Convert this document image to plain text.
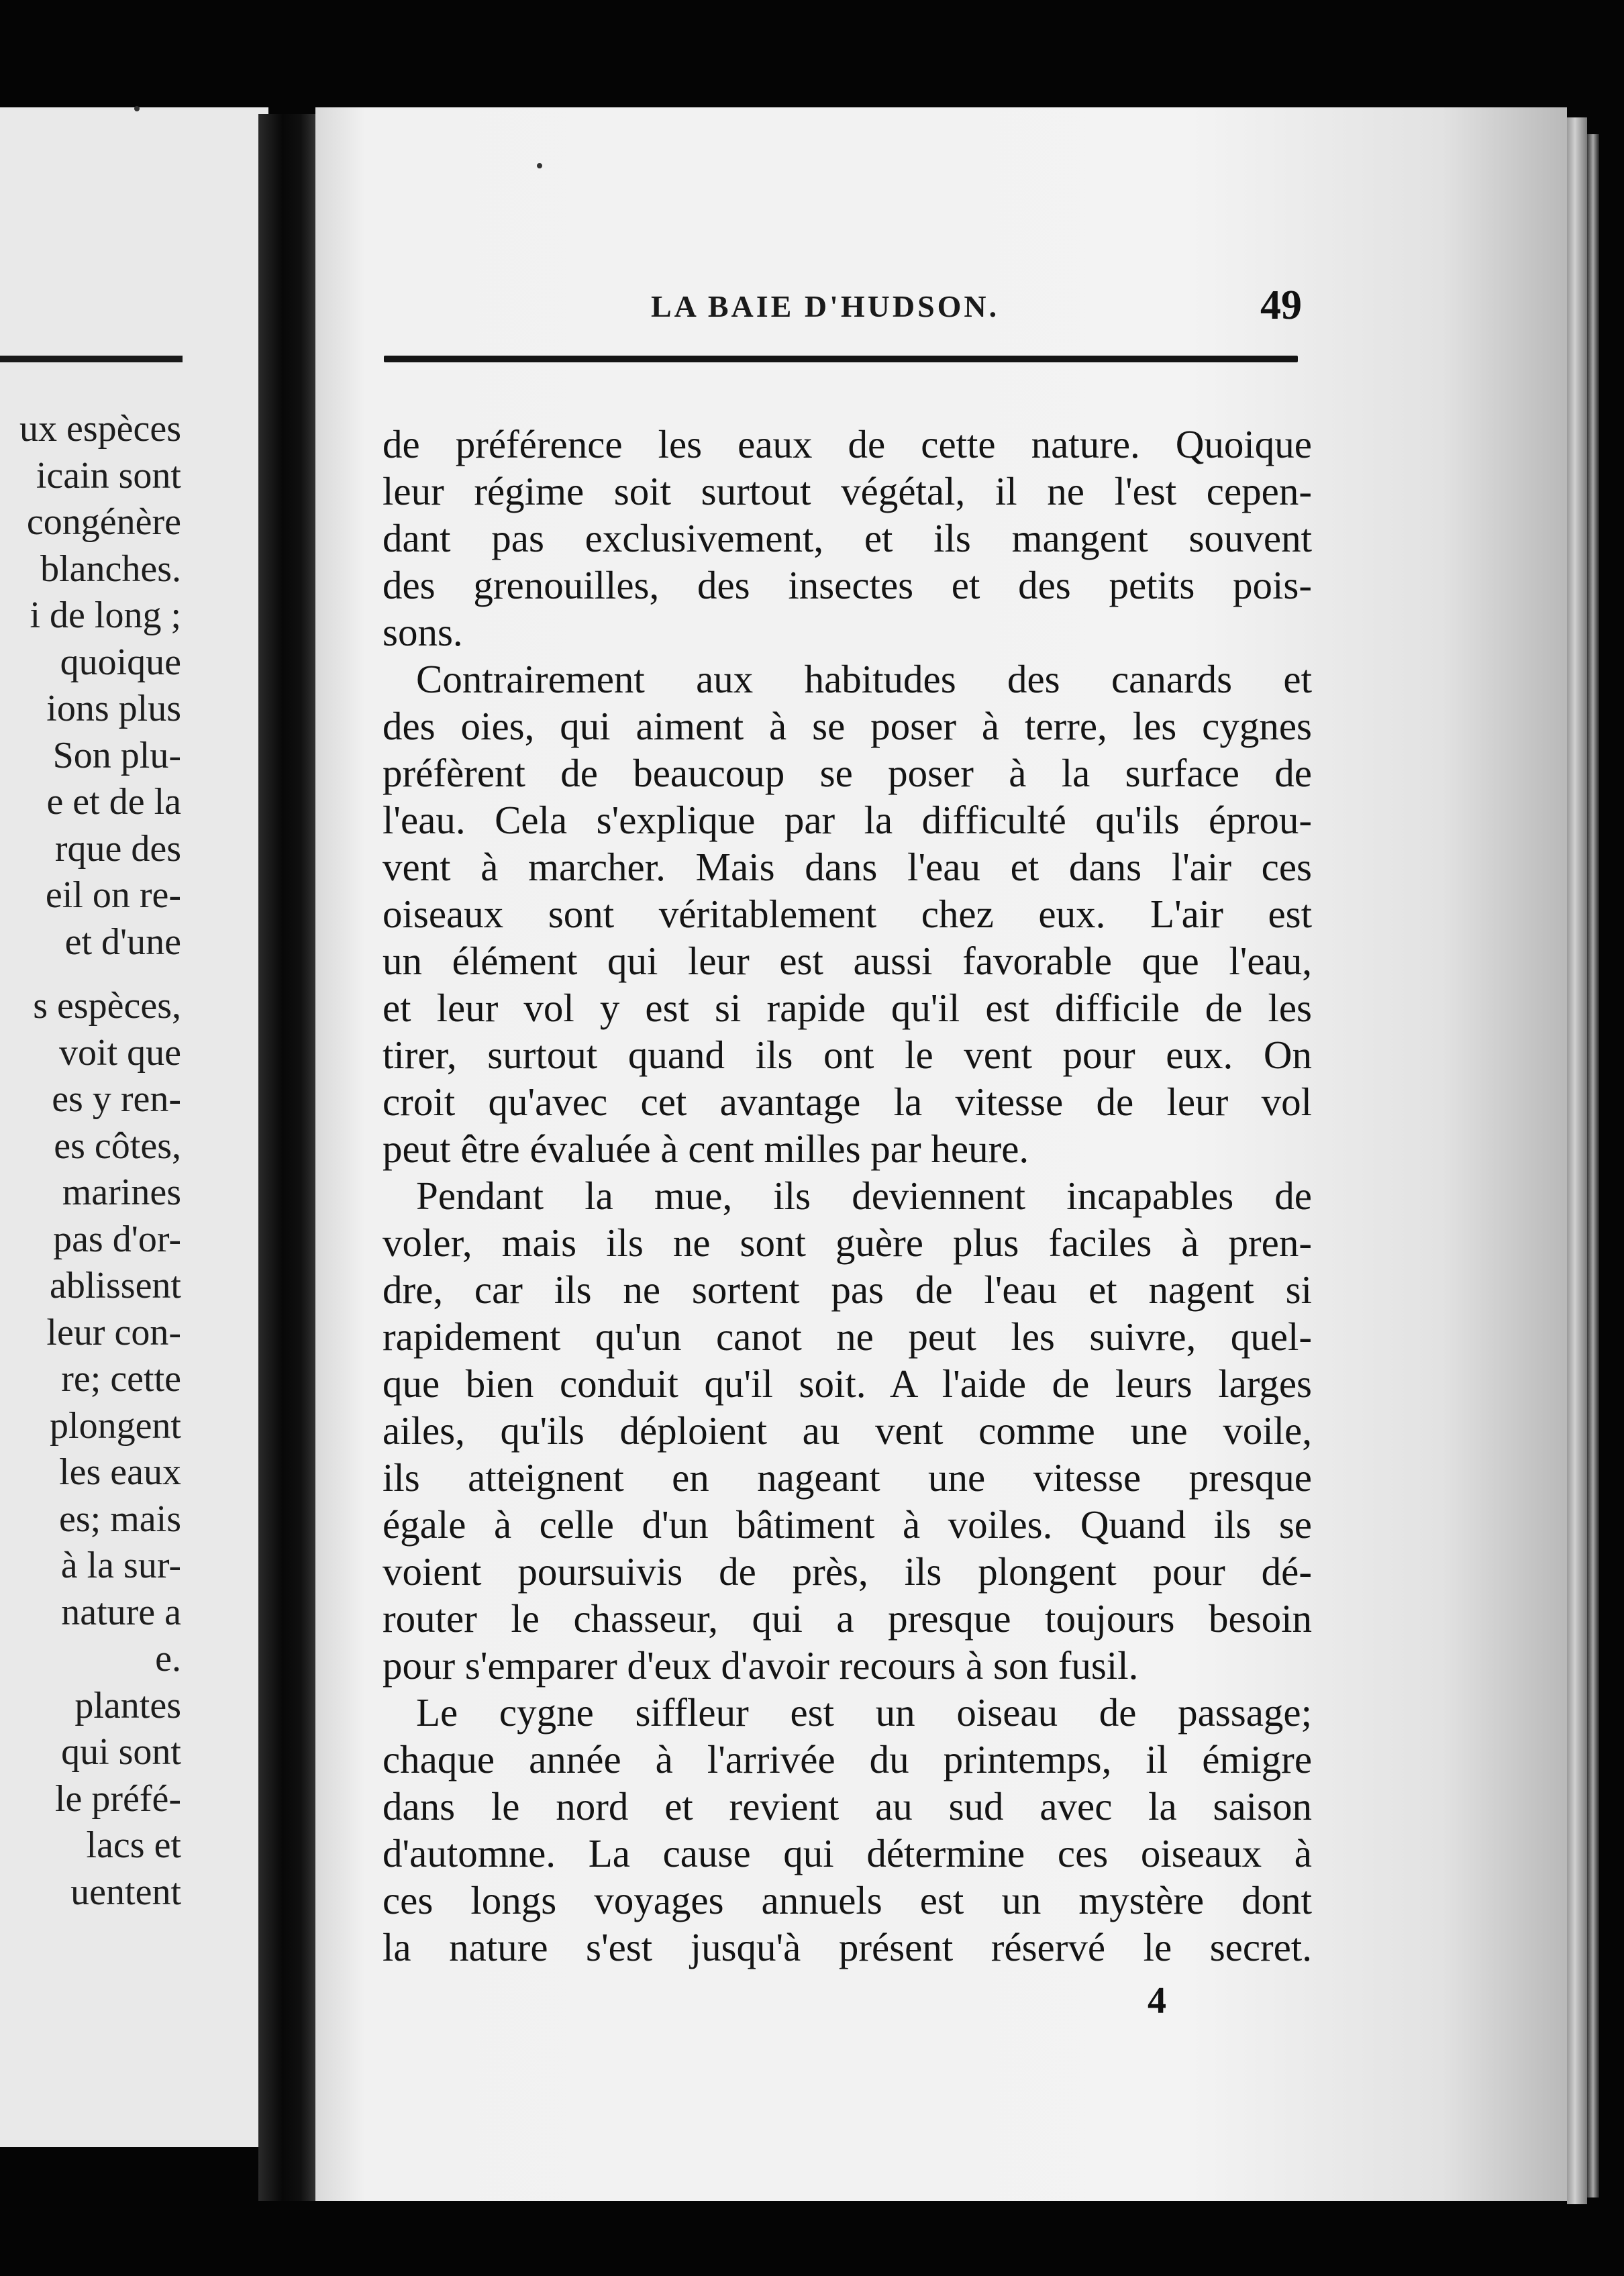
ux espèces
icain sont
congénère
blanches.
i de long ;
quoique
ions plus
Son plu-
e et de la
rque des
eil on re-
et d'une
s espèces,
voit que
es y ren-
es côtes,
marines
pas d'or-
ablissent
leur con-
re; cette
plongent
les eaux
es; mais
à la sur-
nature a
e.
plantes
qui sont
le préfé-
lacs et
uentent
LA BAIE D'HUDSON.	49
de préférence les eaux de cette nature. Quoique
leur régime soit surtout végétal, il ne l'est cepen-
dant pas exclusivement, et ils mangent souvent
des grenouilles, des insectes et des petits pois-
sons.
Contrairement aux habitudes des canards et
des oies, qui aiment à se poser à terre, les cygnes
préfèrent de beaucoup se poser à la surface de
l'eau. Cela s'explique par la difficulté qu'ils éprou-
vent à marcher. Mais dans l'eau et dans l'air ces
oiseaux sont véritablement chez eux. L'air est
un élément qui leur est aussi favorable que l'eau,
et leur vol y est si rapide qu'il est difficile de les
tirer, surtout quand ils ont le vent pour eux. On
croit qu'avec cet avantage la vitesse de leur vol
peut être évaluée à cent milles par heure.
Pendant la mue, ils deviennent incapables de
voler, mais ils ne sont guère plus faciles à pren-
dre, car ils ne sortent pas de l'eau et nagent si
rapidement qu'un canot ne peut les suivre, quel-
que bien conduit qu'il soit. A l'aide de leurs larges
ailes, qu'ils déploient au vent comme une voile,
ils atteignent en nageant une vitesse presque
égale à celle d'un bâtiment à voiles. Quand ils se
voient poursuivis de près, ils plongent pour dé-
router le chasseur, qui a presque toujours besoin
pour s'emparer d'eux d'avoir recours à son fusil.
Le cygne siffleur est un oiseau de passage;
chaque année à l'arrivée du printemps, il émigre
dans le nord et revient au sud avec la saison
d'automne. La cause qui détermine ces oiseaux à
ces longs voyages annuels est un mystère dont
la nature s'est jusqu'à présent réservé le secret.
4
